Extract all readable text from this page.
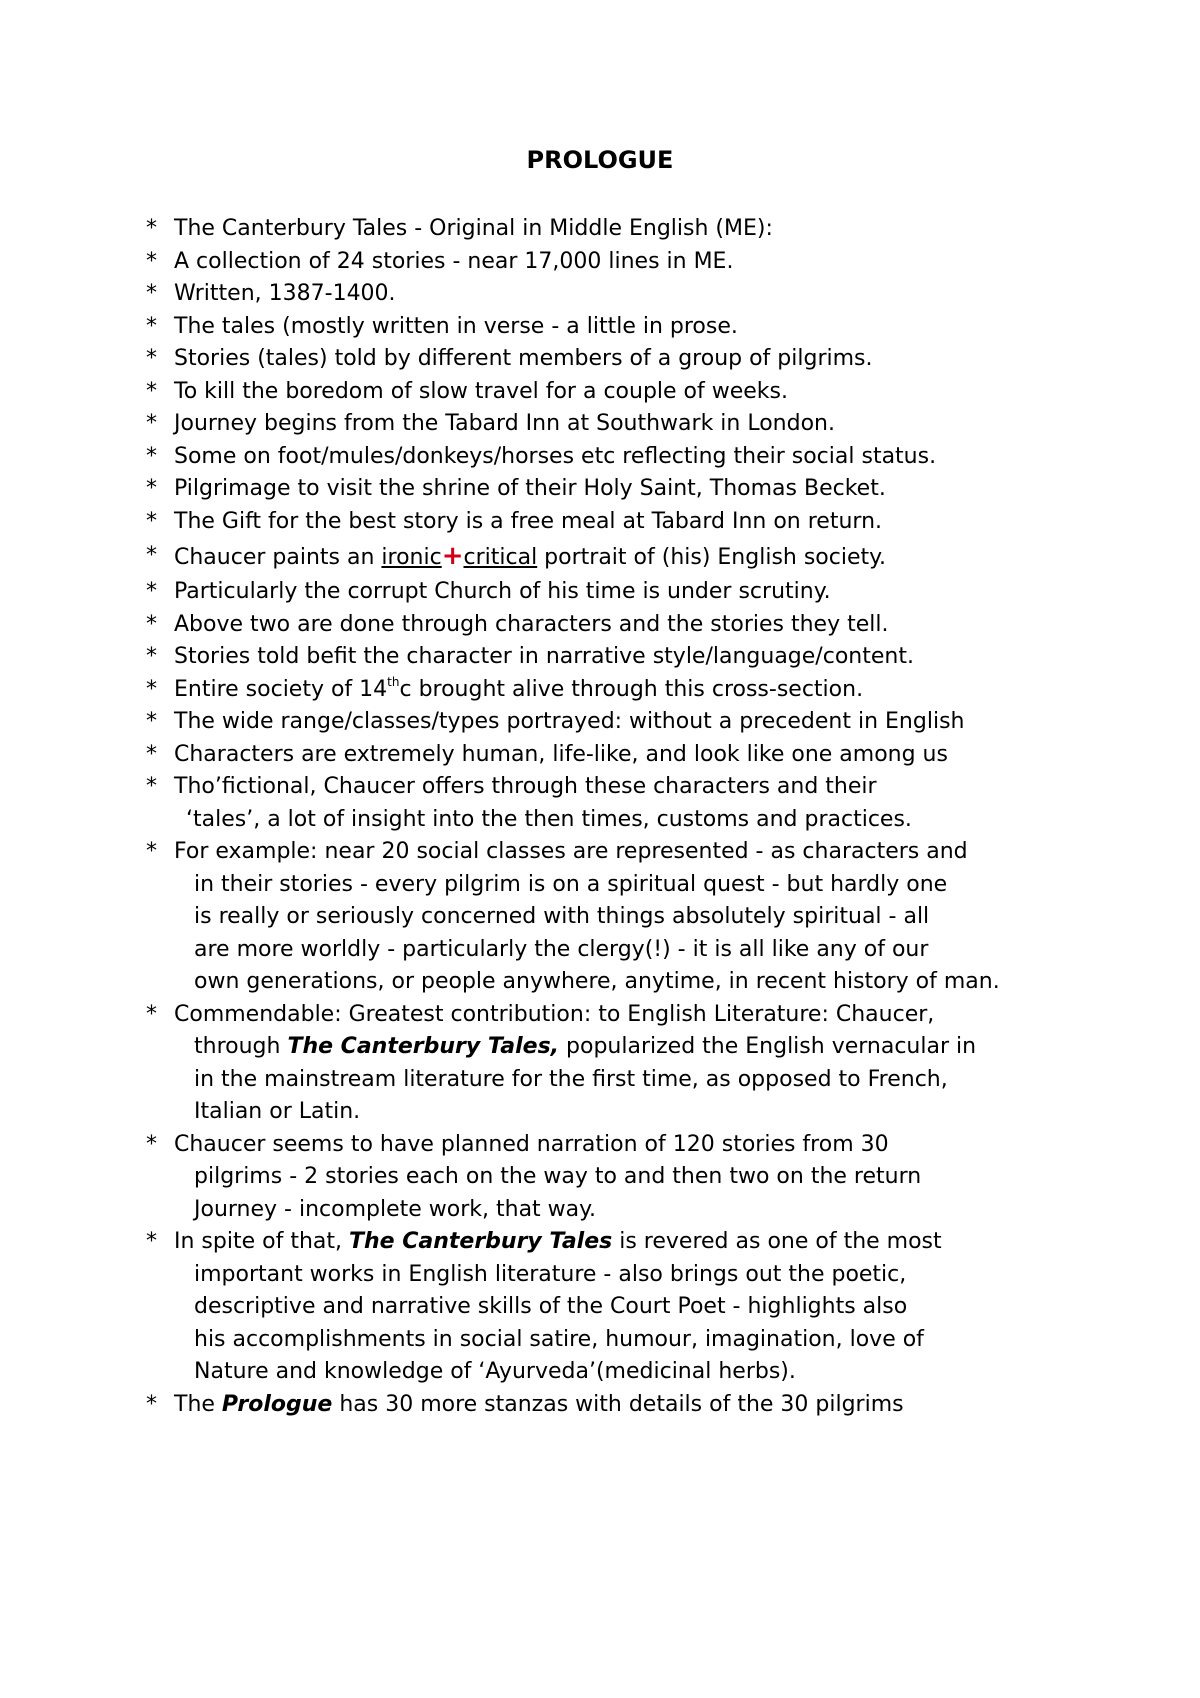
PROLOGUE
* The Canterbury Tales - Original in Middle English (ME):
* A collection of 24 stories - near 17,000 lines in ME.
* Written, 1387-1400.
* The tales (mostly written in verse - a little in prose.
* Stories (tales) told by different members of a group of pilgrims.
* To kill the boredom of slow travel for a couple of weeks.
* Journey begins from the Tabard Inn at Southwark in London.
* Some on foot/mules/donkeys/horses etc reflecting their social status.
* Pilgrimage to visit the shrine of their Holy Saint, Thomas Becket.
* The Gift for the best story is a free meal at Tabard Inn on return.
* Chaucer paints an ironic+critical portrait of (his) English society.
* Particularly the corrupt Church of his time is under scrutiny.
* Above two are done through characters and the stories they tell.
* Stories told befit the character in narrative style/language/content.
* Entire society of 14thc brought alive through this cross-section.
* The wide range/classes/types portrayed: without a precedent in English
* Characters are extremely human, life-like, and look like one among us
* Tho’fictional, Chaucer offers through these characters and their
‘tales’, a lot of insight into the then times, customs and practices.
* For example: near 20 social classes are represented - as characters and
in their stories - every pilgrim is on a spiritual quest - but hardly one
is really or seriously concerned with things absolutely spiritual - all
are more worldly - particularly the clergy(!) - it is all like any of our
own generations, or people anywhere, anytime, in recent history of man.
* Commendable: Greatest contribution: to English Literature: Chaucer,
through The Canterbury Tales, popularized the English vernacular in
in the mainstream literature for the first time, as opposed to French,
Italian or Latin.
* Chaucer seems to have planned narration of 120 stories from 30
pilgrims - 2 stories each on the way to and then two on the return
Journey - incomplete work, that way.
* In spite of that, The Canterbury Tales is revered as one of the most
important works in English literature - also brings out the poetic,
descriptive and narrative skills of the Court Poet - highlights also
his accomplishments in social satire, humour, imagination, love of
Nature and knowledge of ‘Ayurveda’(medicinal herbs).
* The Prologue has 30 more stanzas with details of the 30 pilgrims
